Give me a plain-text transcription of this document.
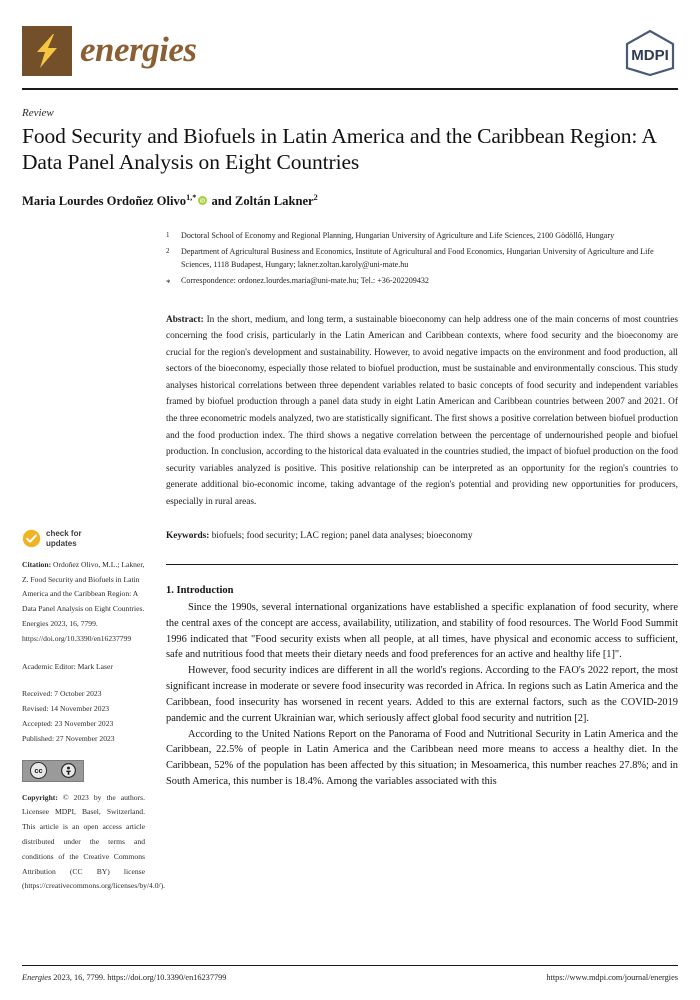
energies	MDPI
Review
Food Security and Biofuels in Latin America and the Caribbean Region: A Data Panel Analysis on Eight Countries
Maria Lourdes Ordoñez Olivo$^{1,*}$
iD and Zoltán Lakner$^2$
check for
updates
Citation: Ordoñez Olivo, M.L.; Lakner, Z. Food Security and Biofuels in Latin America and the Caribbean Region: A Data Panel Analysis on Eight Countries. Energies 2023, 16, 7799. https://doi.org/10.3390/en16237799
Academic Editor: Mark Laser
Received: 7 October 2023
Revised: 14 November 2023
Accepted: 23 November 2023
Published: 27 November 2023
cc
Copyright: © 2023 by the authors. Licensee MDPI, Basel, Switzerland. This article is an open access article distributed under the terms and conditions of the Creative Commons Attribution (CC BY) license (https://creativecommons.org/licenses/by/4.0/).
1	Doctoral School of Economy and Regional Planning, Hungarian University of Agriculture and Life Sciences, 2100 Gödöllő, Hungary
2	Department of Agricultural Business and Economics, Institute of Agricultural and Food Economics, Hungarian University of Agriculture and Life Sciences, 1118 Budapest, Hungary; lakner.zoltan.karoly@uni-mate.hu
*	Correspondence: ordonez.lourdes.maria@uni-mate.hu; Tel.: +36-202209432
Abstract: In the short, medium, and long term, a sustainable bioeconomy can help address one of the main concerns of most countries concerning the food crisis, particularly in the Latin American and Caribbean contexts, where food security and the bioeconomy are crucial for the region's development and sustainability. However, to avoid negative impacts on the environment and food production, all sectors of the bioeconomy, especially those related to biofuel production, must be sustainable and environmentally conscious. This study analyses historical correlations between three dependent variables related to basic concepts of food security and independent variables framed by biofuel production through a panel data study in eight Latin American and Caribbean countries between 2007 and 2021. Of the three econometric models analyzed, two are statistically significant. The first shows a positive correlation between biofuel production and the food production index. The third shows a negative correlation between the percentage of undernourished people and biofuel production. In conclusion, according to the historical data evaluated in the countries studied, the impact of biofuel production on the food security variables analyzed is positive. This positive relationship can be interpreted as an opportunity for the region's countries to generate additional bio-economic income, taking advantage of the region's potential and providing new opportunities for producers, especially in rural areas.
Keywords: biofuels; food security; LAC region; panel data analyses; bioeconomy
1. Introduction

Since the 1990s, several international organizations have established a specific explanation of food security, where the central axes of the concept are access, availability, utilization, and stability of food resources. The World Food Summit 1996 indicated that "Food security exists when all people, at all times, have physical and economic access to sufficient, safe and nutritious food that meets their dietary needs and food preferences for an active and healthy life [1]".

However, food security indices are different in all the world's regions. According to the FAO's 2022 report, the most significant increase in moderate or severe food insecurity was recorded in Africa. In regions such as Latin America and the Caribbean, food insecurity has worsened in recent years. Added to this are external factors, such as the COVID-2019 pandemic and the current Ukrainian war, which seriously affect global food security and nutrition [2].

According to the United Nations Report on the Panorama of Food and Nutritional Security in Latin America and the Caribbean, 22.5% of people in Latin America and the Caribbean need more means to access a healthy diet. In the Caribbean, 52% of the population has been affected by this situation; in Mesoamerica, this number reaches 27.8%; and in South America, this number is 18.4%. Among the variables associated with this

Energies 2023, 16, 7799. https://doi.org/10.3390/en16237799	https://www.mdpi.com/journal/energies
